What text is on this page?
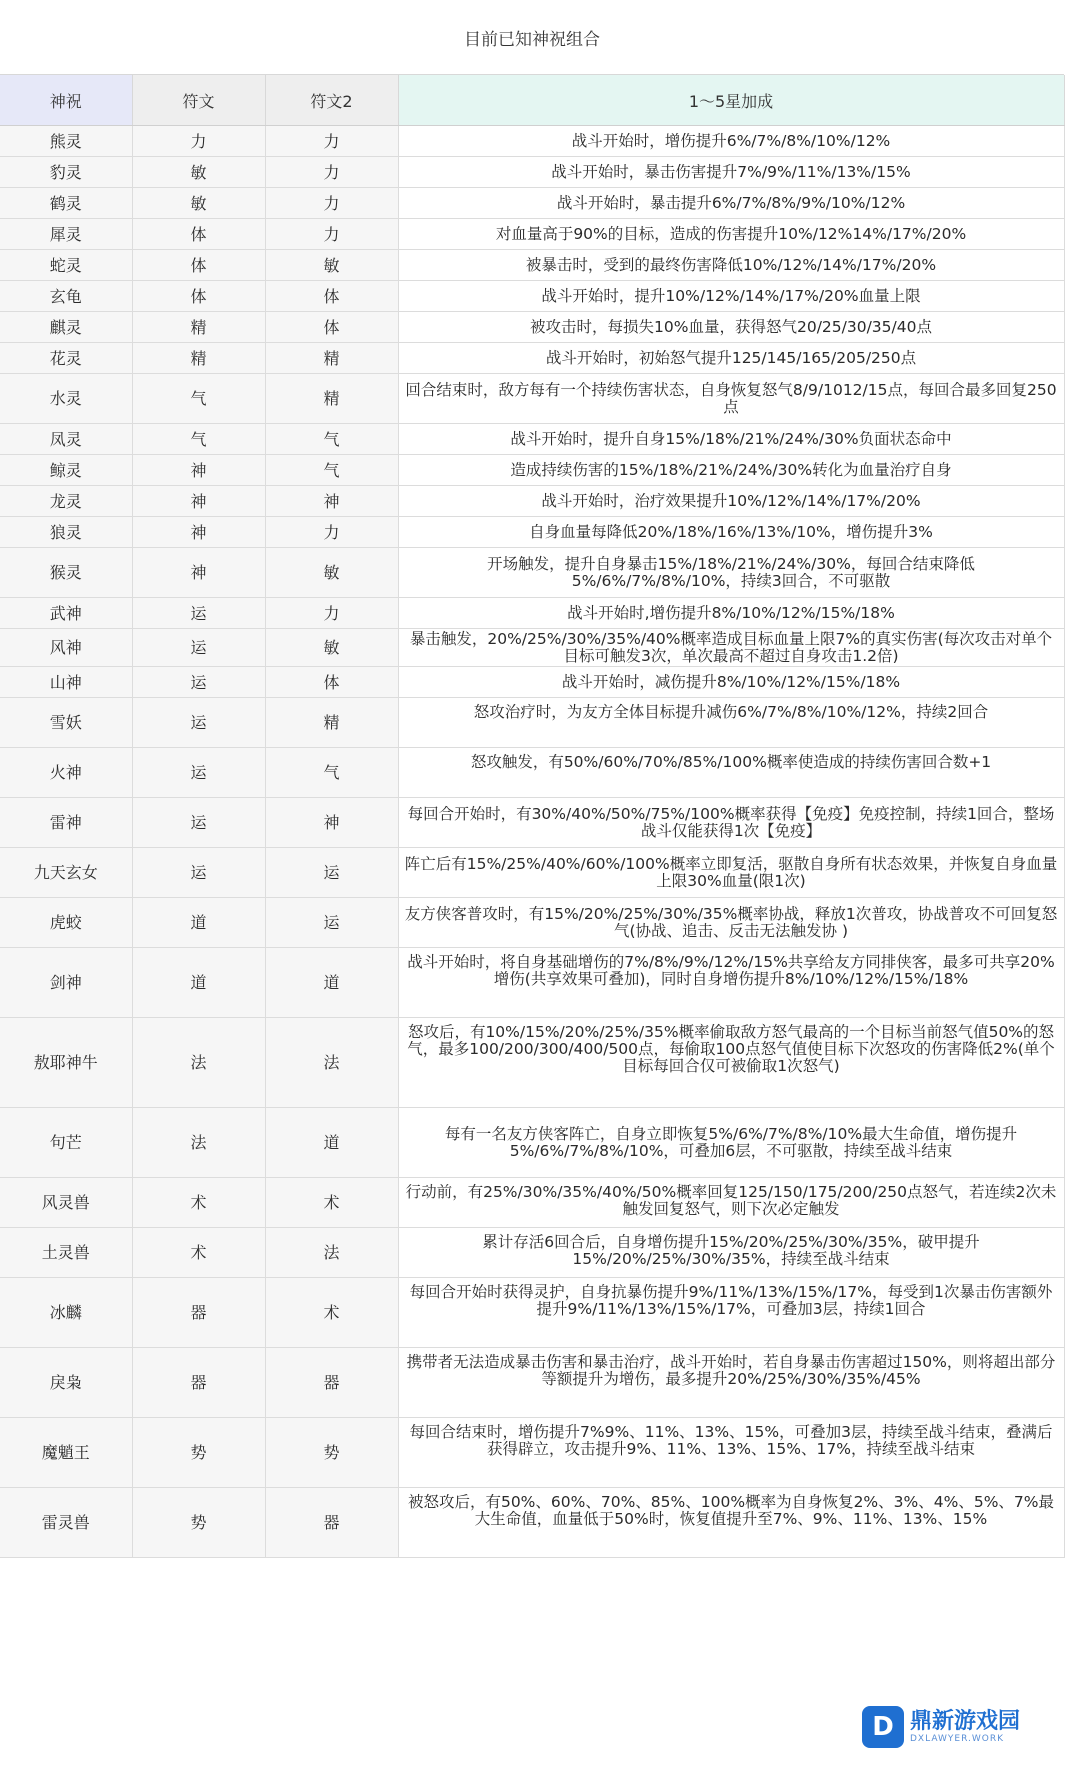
目前已知神祝组合
神祝	符文	符文2	1～5星加成
熊灵	力	力	战斗开始时，增伤提升6%/7%/8%/10%/12%
豹灵	敏	力	战斗开始时，暴击伤害提升7%/9%/11%/13%/15%
鹤灵	敏	力	战斗开始时，暴击提升6%/7%/8%/9%/10%/12%
犀灵	体	力	对血量高于90%的目标，造成的伤害提升10%/12%14%/17%/20%
蛇灵	体	敏	被暴击时，受到的最终伤害降低10%/12%/14%/17%/20%
玄龟	体	体	战斗开始时，提升10%/12%/14%/17%/20%血量上限
麒灵	精	体	被攻击时，每损失10%血量，获得怒气20/25/30/35/40点
花灵	精	精	战斗开始时，初始怒气提升125/145/165/205/250点
水灵	气	精	回合结束时，敌方每有一个持续伤害状态，自身恢复怒气8/9/1012/15点，每回合最多回复250点
凤灵	气	气	战斗开始时，提升自身15%/18%/21%/24%/30%负面状态命中
鲸灵	神	气	造成持续伤害的15%/18%/21%/24%/30%转化为血量治疗自身
龙灵	神	神	战斗开始时，治疗效果提升10%/12%/14%/17%/20%
狼灵	神	力	自身血量每降低20%/18%/16%/13%/10%，增伤提升3%
猴灵	神	敏	开场触发，提升自身暴击15%/18%/21%/24%/30%，每回合结束降低5%/6%/7%/8%/10%，持续3回合，不可驱散
武神	运	力	战斗开始时,增伤提升8%/10%/12%/15%/18%
风神	运	敏	暴击触发，20%/25%/30%/35%/40%概率造成目标血量上限7%的真实伤害(每次攻击对单个目标可触发3次，单次最高不超过自身攻击1.2倍)
山神	运	体	战斗开始时，减伤提升8%/10%/12%/15%/18%
雪妖	运	精	怒攻治疗时，为友方全体目标提升减伤6%/7%/8%/10%/12%，持续2回合
火神	运	气	怒攻触发，有50%/60%/70%/85%/100%概率使造成的持续伤害回合数+1
雷神	运	神	每回合开始时，有30%/40%/50%/75%/100%概率获得【免疫】免疫控制，持续1回合，整场战斗仅能获得1次【免疫】
九天玄女	运	运	阵亡后有15%/25%/40%/60%/100%概率立即复活，驱散自身所有状态效果，并恢复自身血量上限30%血量(限1次)
虎蛟	道	运	友方侠客普攻时，有15%/20%/25%/30%/35%概率协战，释放1次普攻，协战普攻不可回复怒气(协战、追击、反击无法触发协 )
剑神	道	道	战斗开始时，将自身基础增伤的7%/8%/9%/12%/15%共享给友方同排侠客，最多可共享20%增伤(共享效果可叠加)，同时自身增伤提升8%/10%/12%/15%/18%
敖耶神牛	法	法	怒攻后，有10%/15%/20%/25%/35%概率偷取敌方怒气最高的一个目标当前怒气值50%的怒气，最多100/200/300/400/500点，每偷取100点怒气值使目标下次怒攻的伤害降低2%(单个目标每回合仅可被偷取1次怒气)
句芒	法	道	每有一名友方侠客阵亡，自身立即恢复5%/6%/7%/8%/10%最大生命值，增伤提升5%/6%/7%/8%/10%，可叠加6层，不可驱散，持续至战斗结束
风灵兽	术	术	行动前，有25%/30%/35%/40%/50%概率回复125/150/175/200/250点怒气，若连续2次未触发回复怒气，则下次必定触发
土灵兽	术	法	累计存活6回合后，自身增伤提升15%/20%/25%/30%/35%，破甲提升15%/20%/25%/30%/35%，持续至战斗结束
冰麟	器	术	每回合开始时获得灵护，自身抗暴伤提升9%/11%/13%/15%/17%，每受到1次暴击伤害额外提升9%/11%/13%/15%/17%，可叠加3层，持续1回合
戾枭	器	器	携带者无法造成暴击伤害和暴击治疗，战斗开始时，若自身暴击伤害超过150%，则将超出部分等额提升为增伤，最多提升20%/25%/30%/35%/45%
魔魈王	势	势	每回合结束时，增伤提升7%9%、11%、13%、15%，可叠加3层，持续至战斗结束，叠满后获得辟立，攻击提升9%、11%、13%、15%、17%，持续至战斗结束
雷灵兽	势	器	被怒攻后，有50%、60%、70%、85%、100%概率为自身恢复2%、3%、4%、5%、7%最大生命值，血量低于50%时，恢复值提升至7%、9%、11%、13%、15%
D 鼎新游戏园
DXLAWYER.WORK
